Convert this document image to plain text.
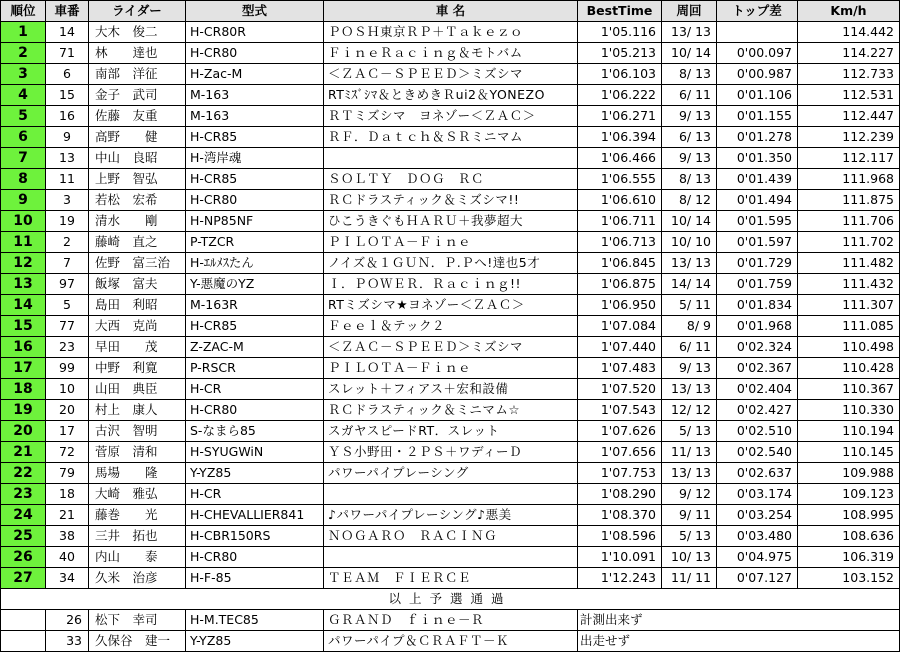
順位	車番	ライダー	型式	車 名	BestTime	周回	トップ差	Km/h
1	14	大木　俊二	H-CR80R	ＰＯＳＨ東京ＲＰ＋Ｔａｋｅｚｏ	1'05.116	13/ 13		114.442
2	71	林　　達也	H-CR80	ＦｉｎｅＲａｃｉｎｇ＆モトバム	1'05.213	10/ 14	0'00.097	114.227
3	6	南部　洋征	H-Zac-M	＜ＺＡＣ－ＳＰＥＥＤ＞ミズシマ	1'06.103	8/ 13	0'00.987	112.733
4	15	金子　武司	M-163	RTﾐｽﾞｼﾏ＆ときめきＲui2＆YONEZO	1'06.222	6/ 11	0'01.106	112.531
5	16	佐藤　友重	M-163	ＲＴミズシマ　ヨネゾー＜ＺＡＣ＞	1'06.271	9/ 13	0'01.155	112.447
6	9	高野　　健	H-CR85	ＲＦ．Ｄａｔｃｈ＆ＳＲミニマム	1'06.394	6/ 13	0'01.278	112.239
7	13	中山　良昭	H-湾岸魂		1'06.466	9/ 13	0'01.350	112.117
8	11	上野　智弘	H-CR85	ＳＯＬＴＹ　ＤＯＧ　ＲＣ	1'06.555	8/ 13	0'01.439	111.968
9	3	若松　宏希	H-CR80	ＲＣドラスティック＆ミズシマ!!	1'06.610	8/ 12	0'01.494	111.875
10	19	清水　　剛	H-NP85NF	ひこうきぐもＨＡＲＵ＋我夢超大	1'06.711	10/ 14	0'01.595	111.706
11	2	藤崎　直之	P-TZCR	ＰＩＬＯＴＡ－Ｆｉｎｅ	1'06.713	10/ 10	0'01.597	111.702
12	7	佐野　富三治	H-ｴﾙﾒｽたん	ノイズ＆１ＧＵＮ．Ｐ.Ｐへ!達也5才	1'06.845	13/ 13	0'01.729	111.482
13	97	飯塚　富夫	Y-悪魔のYZ	Ｉ．ＰＯＷＥＲ．Ｒａｃｉｎｇ!!	1'06.875	14/ 14	0'01.759	111.432
14	5	島田　利昭	M-163R	RTミズシマ★ヨネゾー＜ＺＡＣ＞	1'06.950	5/ 11	0'01.834	111.307
15	77	大西　克尚	H-CR85	Ｆｅｅｌ＆テック２	1'07.084	8/ 9	0'01.968	111.085
16	23	早田　　茂	Z-ZAC-M	＜ＺＡＣ－ＳＰＥＥＤ＞ミズシマ	1'07.440	6/ 11	0'02.324	110.498
17	99	中野　利寛	P-RSCR	ＰＩＬＯＴＡ－Ｆｉｎｅ	1'07.483	9/ 13	0'02.367	110.428
18	10	山田　典臣	H-CR	スレット＋フィアス＋宏和設備	1'07.520	13/ 13	0'02.404	110.367
19	20	村上　康人	H-CR80	ＲＣドラスティック＆ミニマム☆	1'07.543	12/ 12	0'02.427	110.330
20	17	古沢　智明	S-なまら85	スガヤスピードRT．スレット	1'07.626	5/ 13	0'02.510	110.194
21	72	菅原　清和	H-SYUGWiN	ＹＳ小野田・２ＰＳ＋ワディーＤ	1'07.656	11/ 13	0'02.540	110.145
22	79	馬場　　隆	Y-YZ85	パワーパイプレーシング	1'07.753	13/ 13	0'02.637	109.988
23	18	大崎　雅弘	H-CR		1'08.290	9/ 12	0'03.174	109.123
24	21	藤巻　　光	H-CHEVALLIER841	♪パワーパイプレーシング♪悪美	1'08.370	9/ 11	0'03.254	108.995
25	38	三井　拓也	H-CBR150RS	ＮＯＧＡＲＯ　ＲＡＣＩＮＧ	1'08.596	5/ 13	0'03.480	108.636
26	40	内山　　泰	H-CR80		1'10.091	10/ 13	0'04.975	106.319
27	34	久米　治彦	H-F-85	ＴＥＡＭ　ＦＩＥＲＣＥ	1'12.243	11/ 11	0'07.127	103.152
以上予選通過								
	26	松下　幸司	H-M.TEC85	ＧＲＡＮＤ　ｆｉｎｅ－Ｒ	計測出来ず			
	33	久保谷　建一	Y-YZ85	パワーパイプ＆ＣＲＡＦＴ－Ｋ	出走せず			
